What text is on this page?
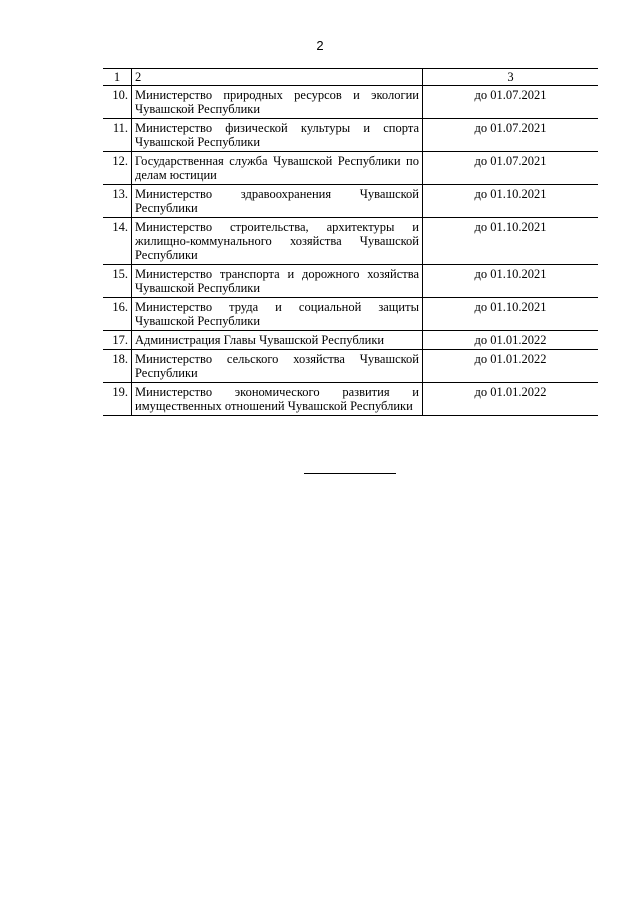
2
1	2	3
10.	Министерство природных ресурсов и экологии Чувашской Республики	до 01.07.2021
11.	Министерство физической культуры и спорта Чувашской Республики	до 01.07.2021
12.	Государственная служба Чувашской Республики по делам юстиции	до 01.07.2021
13.	Министерство здравоохранения Чувашской Республики	до 01.10.2021
14.	Министерство строительства, архитектуры и жилищно-коммунального хозяйства Чувашской Республики	до 01.10.2021
15.	Министерство транспорта и дорожного хозяйства Чувашской Республики	до 01.10.2021
16.	Министерство труда и социальной защиты Чувашской Республики	до 01.10.2021
17.	Администрация Главы Чувашской Республики	до 01.01.2022
18.	Министерство сельского хозяйства Чувашской Республики	до 01.01.2022
19.	Министерство экономического развития и имущественных отношений Чувашской Республики	до 01.01.2022
